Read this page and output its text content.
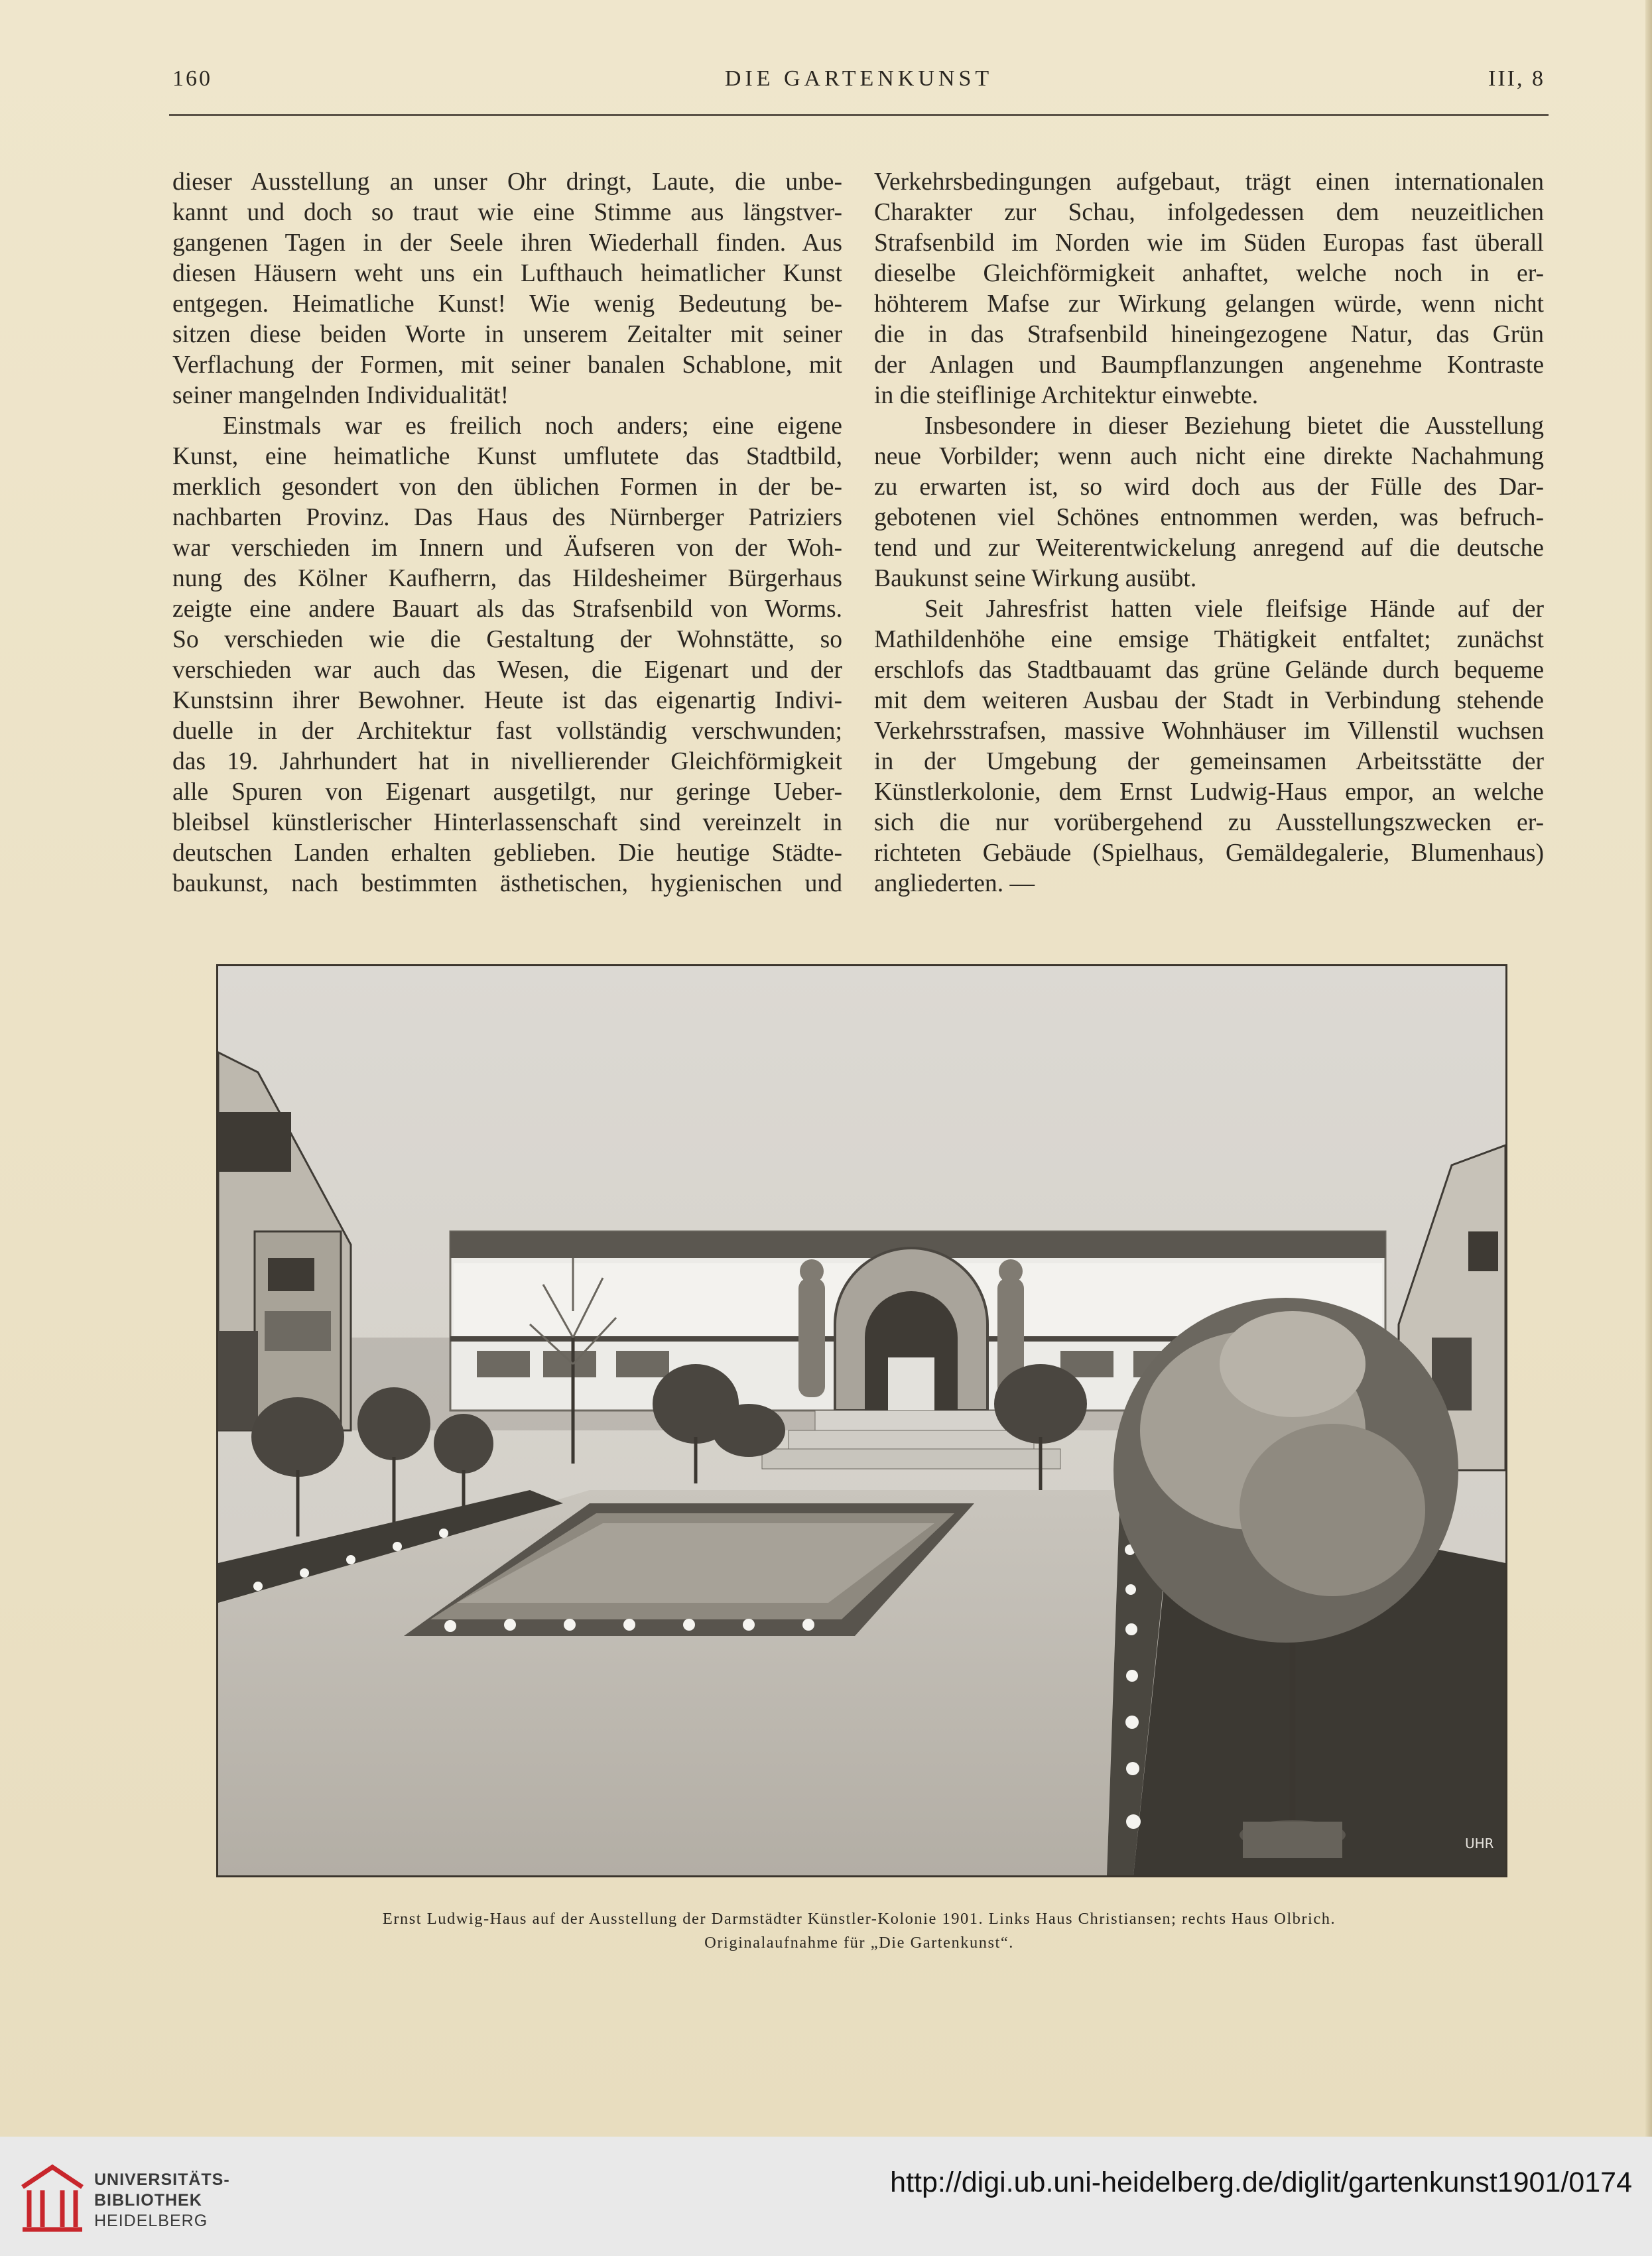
160	DIE GARTENKUNST	III, 8

dieser Ausstellung an unser Ohr dringt, Laute, die unbe-
kannt und doch so traut wie eine Stimme aus längstver-
gangenen Tagen in der Seele ihren Wiederhall finden. Aus
diesen Häusern weht uns ein Lufthauch heimatlicher Kunst
entgegen. Heimatliche Kunst! Wie wenig Bedeutung be-
sitzen diese beiden Worte in unserem Zeitalter mit seiner
Verflachung der Formen, mit seiner banalen Schablone, mit
seiner mangelnden Individualität!

Einstmals war es freilich noch anders; eine eigene
Kunst, eine heimatliche Kunst umflutete das Stadtbild,
merklich gesondert von den üblichen Formen in der be-
nachbarten Provinz. Das Haus des Nürnberger Patriziers
war verschieden im Innern und Äufseren von der Woh-
nung des Kölner Kaufherrn, das Hildesheimer Bürgerhaus
zeigte eine andere Bauart als das Strafsenbild von Worms.
So verschieden wie die Gestaltung der Wohnstätte, so
verschieden war auch das Wesen, die Eigenart und der
Kunstsinn ihrer Bewohner. Heute ist das eigenartig Indivi-
duelle in der Architektur fast vollständig verschwunden;
das 19. Jahrhundert hat in nivellierender Gleichförmigkeit
alle Spuren von Eigenart ausgetilgt, nur geringe Ueber-
bleibsel künstlerischer Hinterlassenschaft sind vereinzelt in
deutschen Landen erhalten geblieben. Die heutige Städte-
baukunst, nach bestimmten ästhetischen, hygienischen und

Verkehrsbedingungen aufgebaut, trägt einen internationalen
Charakter zur Schau, infolgedessen dem neuzeitlichen
Strafsenbild im Norden wie im Süden Europas fast überall
dieselbe Gleichförmigkeit anhaftet, welche noch in er-
höhterem Mafse zur Wirkung gelangen würde, wenn nicht
die in das Strafsenbild hineingezogene Natur, das Grün
der Anlagen und Baumpflanzungen angenehme Kontraste
in die steiflinige Architektur einwebte.

Insbesondere in dieser Beziehung bietet die Ausstellung
neue Vorbilder; wenn auch nicht eine direkte Nachahmung
zu erwarten ist, so wird doch aus der Fülle des Dar-
gebotenen viel Schönes entnommen werden, was befruch-
tend und zur Weiterentwickelung anregend auf die deutsche
Baukunst seine Wirkung ausübt.

Seit Jahresfrist hatten viele fleifsige Hände auf der
Mathildenhöhe eine emsige Thätigkeit entfaltet; zunächst
erschlofs das Stadtbauamt das grüne Gelände durch bequeme
mit dem weiteren Ausbau der Stadt in Verbindung stehende
Verkehrsstrafsen, massive Wohnhäuser im Villenstil wuchsen
in der Umgebung der gemeinsamen Arbeitsstätte der
Künstlerkolonie, dem Ernst Ludwig-Haus empor, an welche
sich die nur vorübergehend zu Ausstellungszwecken er-
richteten Gebäude (Spielhaus, Gemäldegalerie, Blumenhaus)
angliederten. —

UHR
Ernst Ludwig-Haus auf der Ausstellung der Darmstädter Künstler-Kolonie 1901. Links Haus Christiansen; rechts Haus Olbrich.
Originalaufnahme für „Die Gartenkunst“.
UNIVERSITÄTS-
BIBLIOTHEK
HEIDELBERG
http://digi.ub.uni-heidelberg.de/diglit/gartenkunst1901/0174
